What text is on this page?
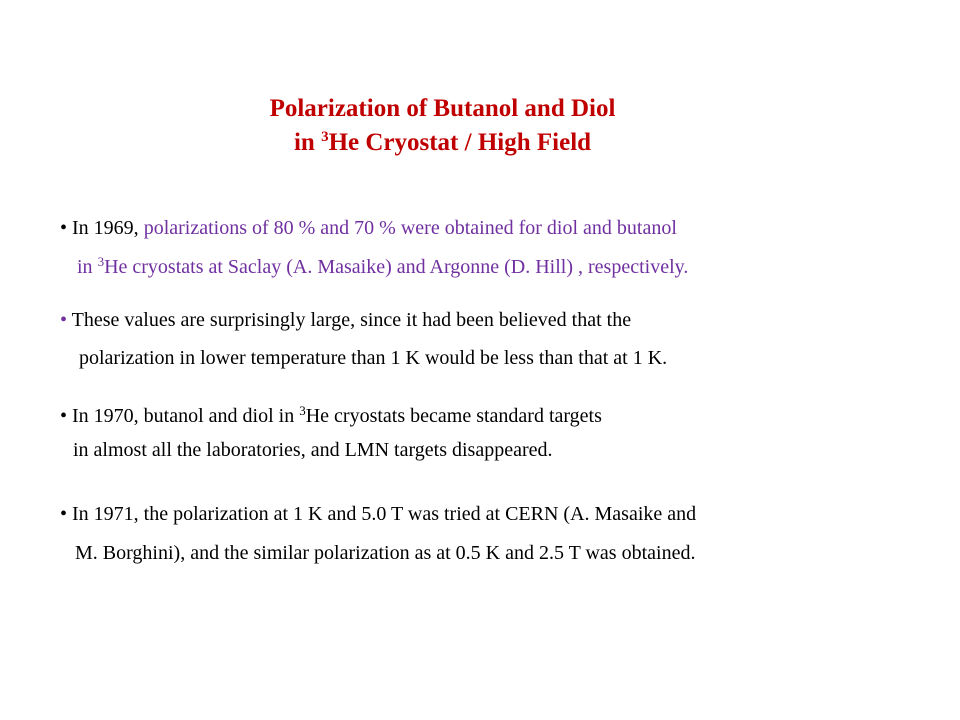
Polarization of Butanol and Diol
in $^3$He Cryostat / High Field
• In 1969, polarizations of 80 % and 70 % were obtained for diol and butanol
in $^3$He cryostats at Saclay (A. Masaike) and Argonne (D. Hill) , respectively.
• These values are surprisingly large, since it had been believed that the
polarization in lower temperature than 1 K would be less than that at 1 K.
• In 1970, butanol and diol in $^3$He cryostats became standard targets
in almost all the laboratories, and LMN targets disappeared.
• In 1971, the polarization at 1 K and 5.0 T was tried at CERN (A. Masaike and
M. Borghini), and the similar polarization as at 0.5 K and 2.5 T was obtained.
